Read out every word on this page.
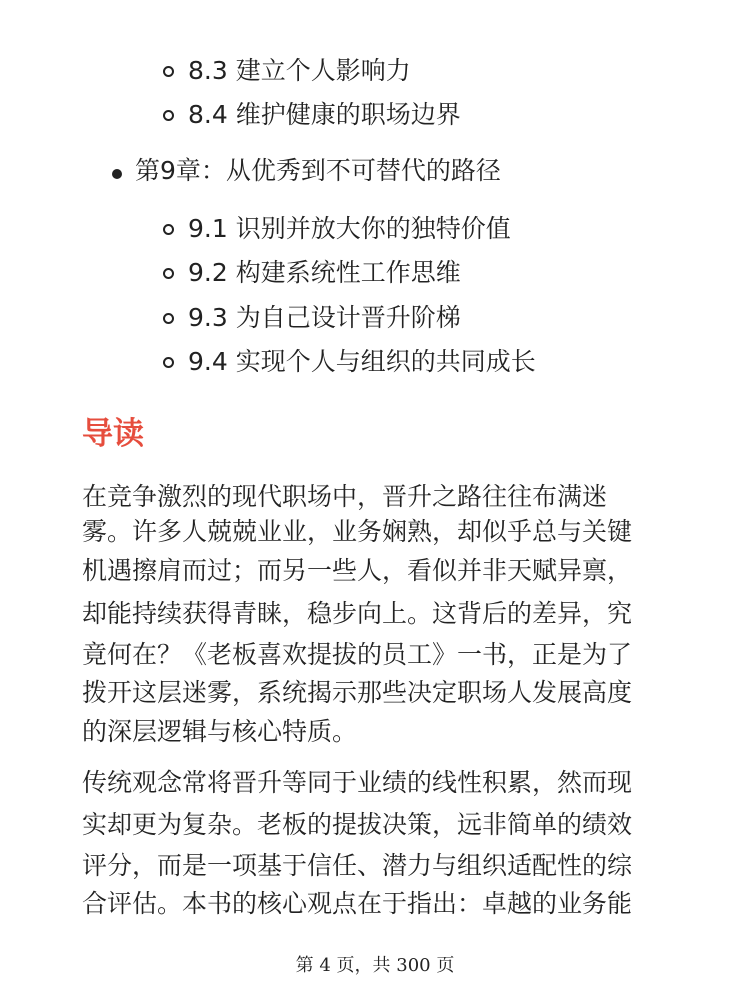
8.3 建立个人影响力

8.4 维护健康的职场边界

第9章：从优秀到不可替代的路径

9.1 识别并放大你的独特价值

9.2 构建系统性工作思维

9.3 为自己设计晋升阶梯

9.4 实现个人与组织的共同成长

导读

在竞争激烈的现代职场中，晋升之路往往布满迷

雾。许多人兢兢业业，业务娴熟，却似乎总与关键

机遇擦肩而过；而另一些人，看似并非天赋异禀，

却能持续获得青睐，稳步向上。这背后的差异，究

竟何在？《老板喜欢提拔的员工》一书，正是为了

拨开这层迷雾，系统揭示那些决定职场人发展高度

的深层逻辑与核心特质。

传统观念常将晋升等同于业绩的线性积累，然而现

实却更为复杂。老板的提拔决策，远非简单的绩效

评分，而是一项基于信任、潜力与组织适配性的综

合评估。本书的核心观点在于指出：卓越的业务能

第 4 页，共 300 页
